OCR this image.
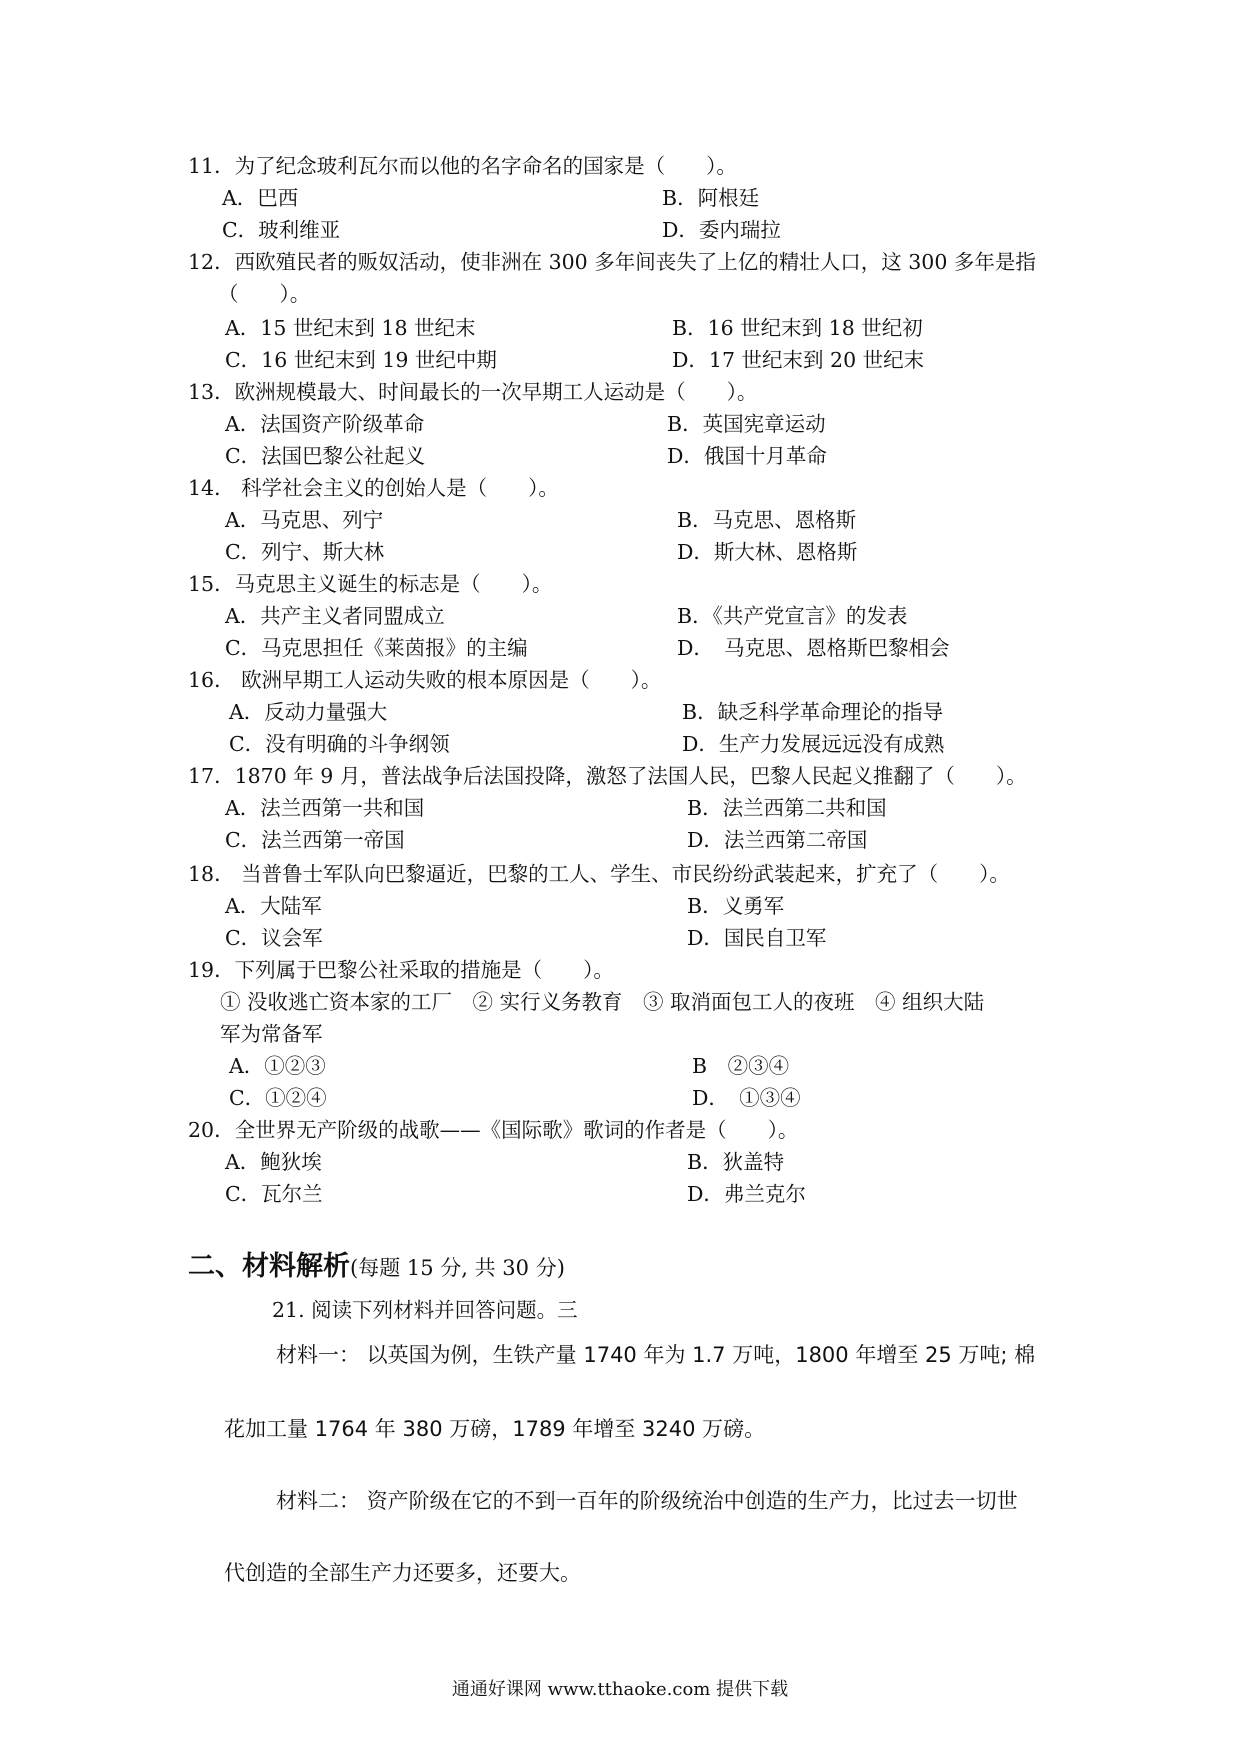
11．为了纪念玻利瓦尔而以他的名字命名的国家是（　　）。
A．巴西	B．阿根廷
C．玻利维亚	D．委内瑞拉
12．西欧殖民者的贩奴活动，使非洲在 300 多年间丧失了上亿的精壮人口，这 300 多年是指
（　　）。
A．15 世纪末到 18 世纪末	B．16 世纪末到 18 世纪初
C．16 世纪末到 19 世纪中期	D．17 世纪末到 20 世纪末
13．欧洲规模最大、时间最长的一次早期工人运动是（　　）。
A．法国资产阶级革命	B．英国宪章运动
C．法国巴黎公社起义	D．俄国十月革命
14． 科学社会主义的创始人是（　　）。
A．马克思、列宁	B．马克思、恩格斯
C．列宁、斯大林	D．斯大林、恩格斯
15．马克思主义诞生的标志是（　　）。
A．共产主义者同盟成立	B．《共产党宣言》的发表
C．马克思担任《莱茵报》的主编	D．　马克思、恩格斯巴黎相会
16． 欧洲早期工人运动失败的根本原因是（　　）。
A．反动力量强大	B．缺乏科学革命理论的指导
C．没有明确的斗争纲领	D．生产力发展远远没有成熟
17．1870 年 9 月，普法战争后法国投降，激怒了法国人民，巴黎人民起义推翻了（　　）。
A．法兰西第一共和国	B．法兰西第二共和国
C．法兰西第一帝国	D．法兰西第二帝国
18． 当普鲁士军队向巴黎逼近，巴黎的工人、学生、市民纷纷武装起来，扩充了（　　）。
A．大陆军	B．义勇军
C．议会军	D．国民自卫军
19．下列属于巴黎公社采取的措施是（　　）。
① 没收逃亡资本家的工厂　② 实行义务教育　③ 取消面包工人的夜班　④ 组织大陆
军为常备军
A．①②③	B　②③④
C．①②④	D．　①③④
20．全世界无产阶级的战歌——《国际歌》歌词的作者是（　　）。
A．鲍狄埃	B．狄盖特
C．瓦尔兰	D．弗兰克尔
二、材料解析(每题 15 分, 共 30 分)
21. 阅读下列材料并回答问题。三
材料一： 以英国为例，生铁产量 1740 年为 1.7 万吨，1800 年增至 25 万吨; 棉
花加工量 1764 年 380 万磅，1789 年增至 3240 万磅。
材料二： 资产阶级在它的不到一百年的阶级统治中创造的生产力，比过去一切世
代创造的全部生产力还要多，还要大。
通通好课网 www.tthaoke.com 提供下载
